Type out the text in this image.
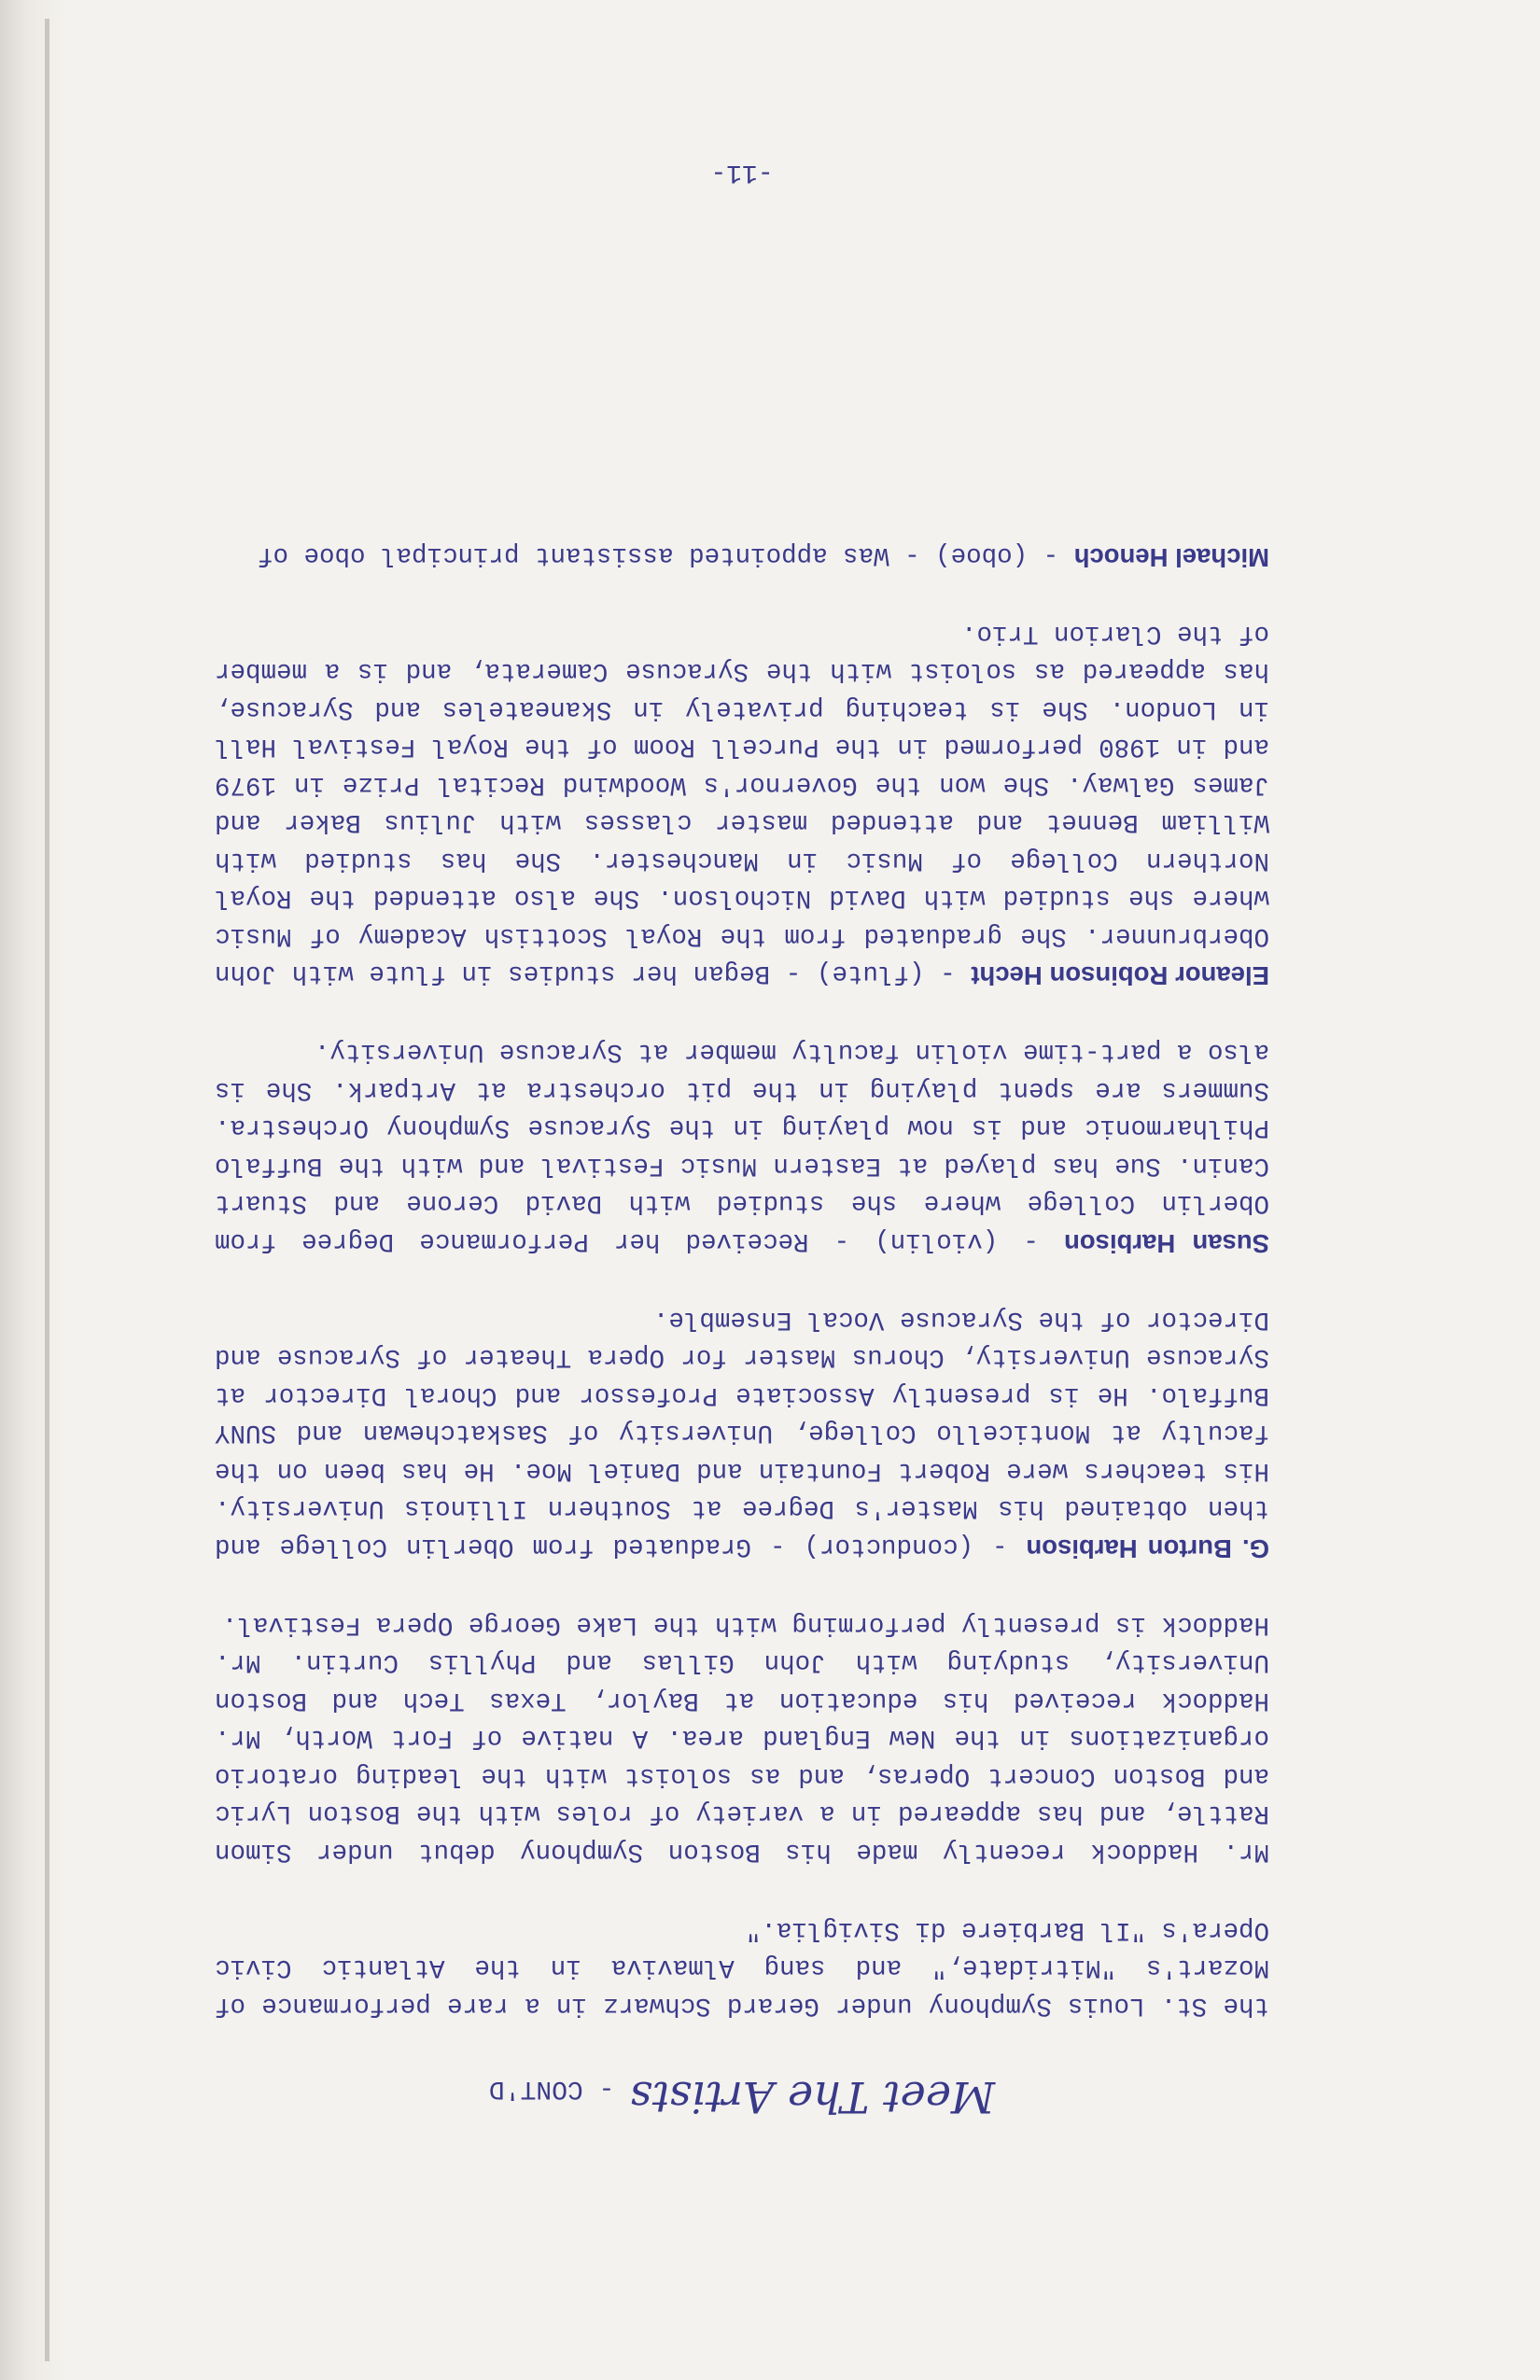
Meet The Artists - CONT'D

the St. Louis Symphony under Gerard Schwarz in a rare performance of Mozart's "Mitridate," and sang Almaviva in the Atlantic Civic Opera's "Il Barbiere di Siviglia."

Mr. Haddock recently made his Boston Symphony debut under Simon Rattle, and has appeared in a variety of roles with the Boston Lyric and Boston Concert Operas, and as soloist with the leading oratorio organizations in the New England area. A native of Fort Worth, Mr. Haddock received his education at Baylor, Texas Tech and Boston University, studying with John Gillas and Phyllis Curtin. Mr. Haddock is presently performing with the Lake George Opera Festival.

G. Burton Harbison - (conductor) - Graduated from Oberlin College and then obtained his Master's Degree at Southern Illinois University. His teachers were Robert Fountain and Daniel Moe. He has been on the faculty at Monticello College, University of Saskatchewan and SUNY Buffalo. He is presently Associate Professor and Choral Director at Syracuse University, Chorus Master for Opera Theater of Syracuse and Director of the Syracuse Vocal Ensemble.

Susan Harbison - (violin) - Received her Performance Degree from Oberlin College where she studied with David Cerone and Stuart Canin. Sue has played at Eastern Music Festival and with the Buffalo Philharmonic and is now playing in the Syracuse Symphony Orchestra. Summers are spent playing in the pit orchestra at Artpark. She is also a part-time violin faculty member at Syracuse University.

Eleanor Robinson Hecht - (flute) - Began her studies in flute with John Oberbrunner. She graduated from the Royal Scottish Academy of Music where she studied with David Nicholson. She also attended the Royal Northern College of Music in Manchester. She has studied with William Bennet and attended master classes with Julius Baker and James Galway. She won the Governor's Woodwind Recital Prize in 1979 and in 1980 performed in the Purcell Room of the Royal Festival Hall in London. She is teaching privately in Skaneateles and Syracuse, has appeared as soloist with the Syracuse Camerata, and is a member of the Clarion Trio.

Michael Henoch - (oboe) - Was appointed assistant principal oboe of

-11-
